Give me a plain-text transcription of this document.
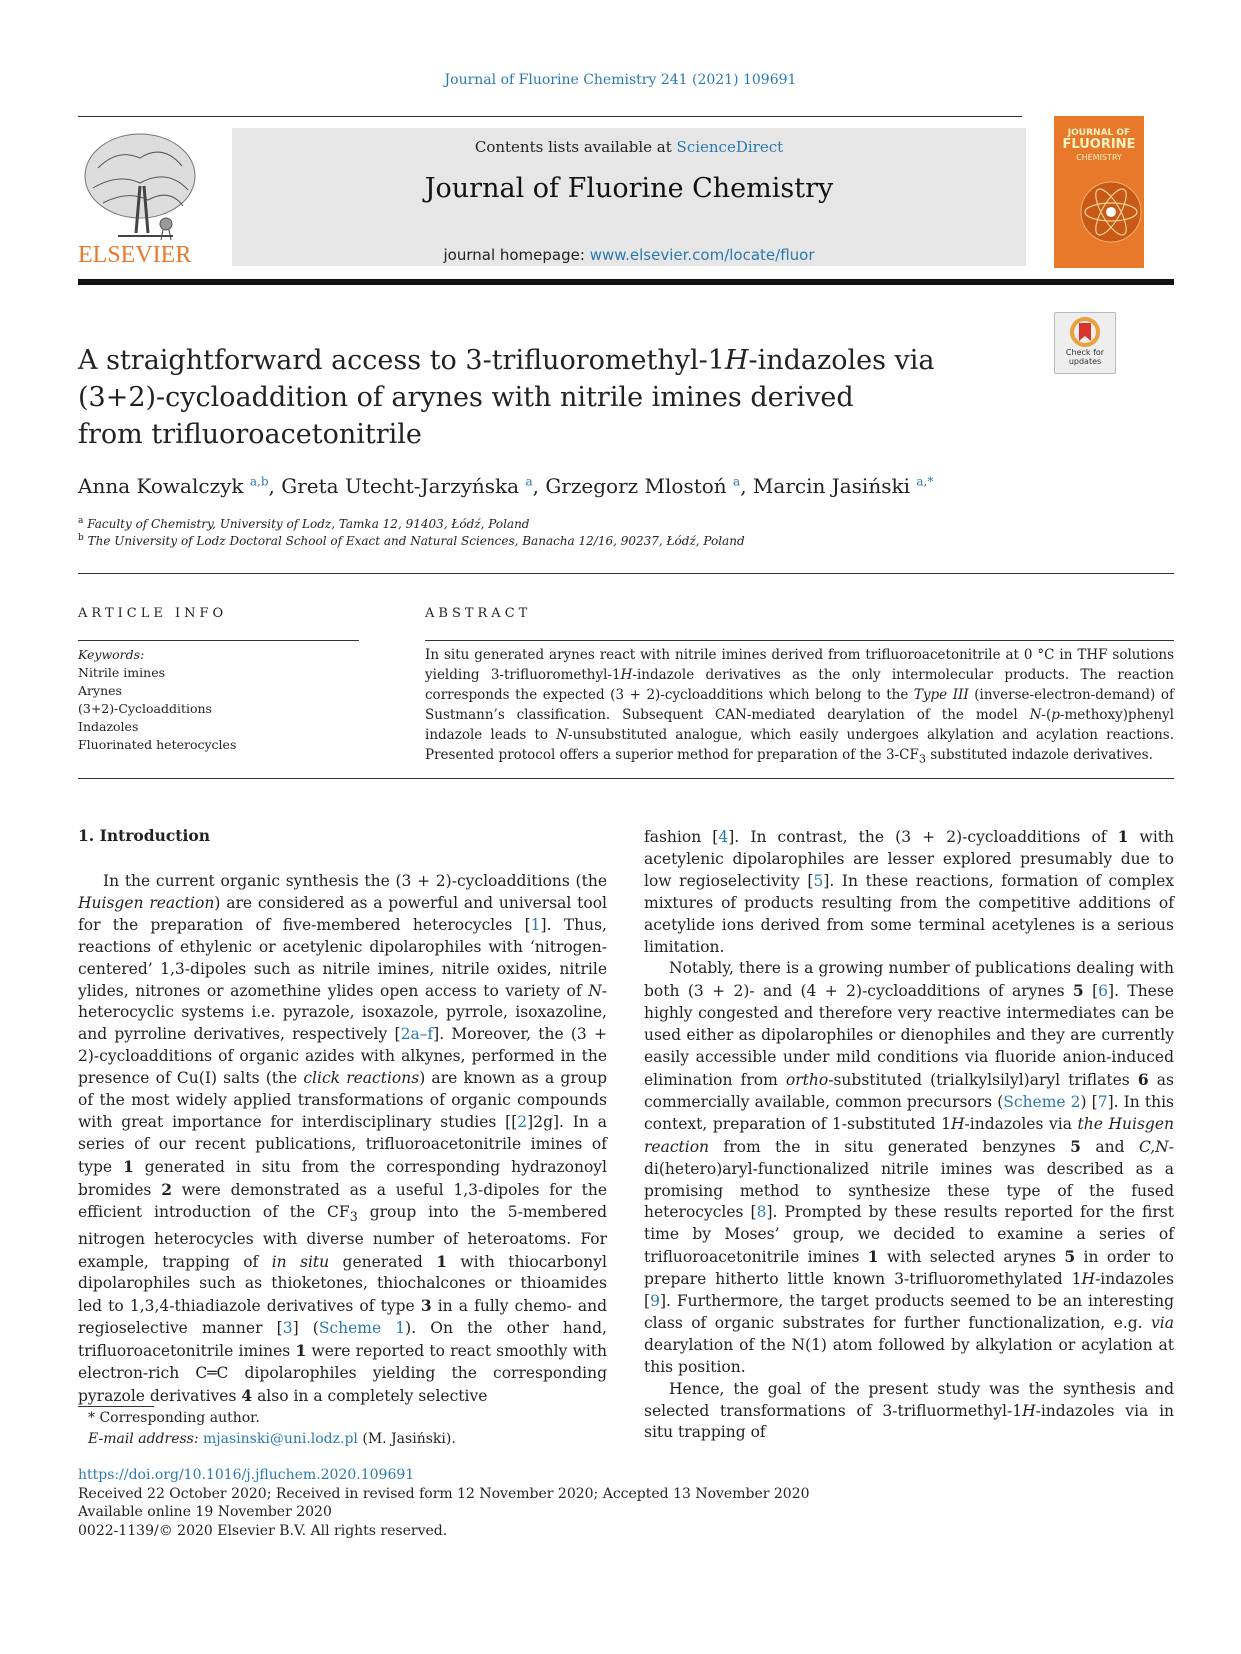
Journal of Fluorine Chemistry 241 (2021) 109691
ELSEVIER
Contents lists available at ScienceDirect
Journal of Fluorine Chemistry
journal homepage: www.elsevier.com/locate/fluor
JOURNAL OF
FLUORINE
CHEMISTRY
Check for
updates
A straightforward access to 3-trifluoromethyl-1H-indazoles via
(3+2)-cycloaddition of arynes with nitrile imines derived
from trifluoroacetonitrile
Anna Kowalczyk $^{a,b}$, Greta Utecht-Jarzyńska $^a$, Grzegorz Mlostoń $^a$, Marcin Jasiński $^{a,*}$
$^a$ Faculty of Chemistry, University of Lodz, Tamka 12, 91403, Łódź, Poland
$^b$ The University of Lodz Doctoral School of Exact and Natural Sciences, Banacha 12/16, 90237, Łódź, Poland
ARTICLE INFO	ABSTRACT
Keywords:
Nitrile imines
Arynes
(3+2)-Cycloadditions
Indazoles
Fluorinated heterocycles
In situ generated arynes react with nitrile imines derived from trifluoroacetonitrile at 0 °C in THF solutions yielding 3-trifluoromethyl-1H-indazole derivatives as the only intermolecular products. The reaction corresponds the expected (3 + 2)-cycloadditions which belong to the Type III (inverse-electron-demand) of Sustmann’s classification. Subsequent CAN-mediated dearylation of the model N-(p-methoxy)phenyl indazole leads to N-unsubstituted analogue, which easily undergoes alkylation and acylation reactions. Presented protocol offers a superior method for preparation of the $3-CF_3$ substituted indazole derivatives.
1. Introduction

In the current organic synthesis the (3 + 2)-cycloadditions (the Huisgen reaction) are considered as a powerful and universal tool for the preparation of five-membered heterocycles [1]. Thus, reactions of ethylenic or acetylenic dipolarophiles with ‘nitrogen-centered’ 1,3-dipoles such as nitrile imines, nitrile oxides, nitrile ylides, nitrones or azomethine ylides open access to variety of N-heterocyclic systems i.e. pyrazole, isoxazole, pyrrole, isoxazoline, and pyrroline derivatives, respectively [2a–f]. Moreover, the (3 + 2)-cycloadditions of organic azides with alkynes, performed in the presence of Cu(I) salts (the click reactions) are known as a group of the most widely applied transformations of organic compounds with great importance for interdisciplinary studies [[2]2g]. In a series of our recent publications, trifluoroacetonitrile imines of type 1 generated in situ from the corresponding hydrazonoyl bromides 2 were demonstrated as a useful 1,3-dipoles for the efficient introduction of the $CF_3$ group into the 5-membered nitrogen heterocycles with diverse number of heteroatoms. For example, trapping of in situ generated 1 with thiocarbonyl dipolarophiles such as thioketones, thiochalcones or thioamides led to 1,3,4-thiadiazole derivatives of type 3 in a fully chemo- and regioselective manner [3] (Scheme 1). On the other hand, trifluoroacetonitrile imines 1 were reported to react smoothly with electron-rich C═C dipolarophiles yielding the corresponding pyrazole derivatives 4 also in a completely selective

fashion [4]. In contrast, the (3 + 2)-cycloadditions of 1 with acetylenic dipolarophiles are lesser explored presumably due to low regioselectivity [5]. In these reactions, formation of complex mixtures of products resulting from the competitive additions of acetylide ions derived from some terminal acetylenes is a serious limitation.

Notably, there is a growing number of publications dealing with both (3 + 2)- and (4 + 2)-cycloadditions of arynes 5 [6]. These highly congested and therefore very reactive intermediates can be used either as dipolarophiles or dienophiles and they are currently easily accessible under mild conditions via fluoride anion-induced elimination from ortho-substituted (trialkylsilyl)aryl triflates 6 as commercially available, common precursors (Scheme 2) [7]. In this context, preparation of 1-substituted 1H-indazoles via the Huisgen reaction from the in situ generated benzynes 5 and C,N-di(hetero)aryl-functionalized nitrile imines was described as a promising method to synthesize these type of the fused heterocycles [8]. Prompted by these results reported for the first time by Moses’ group, we decided to examine a series of trifluoroacetonitrile imines 1 with selected arynes 5 in order to prepare hitherto little known 3-trifluoromethylated 1H-indazoles [9]. Furthermore, the target products seemed to be an interesting class of organic substrates for further functionalization, e.g. via dearylation of the N(1) atom followed by alkylation or acylation at this position.

Hence, the goal of the present study was the synthesis and selected transformations of 3-trifluormethyl-1H-indazoles via in situ trapping of

* Corresponding author.
E-mail address: mjasinski@uni.lodz.pl (M. Jasiński).
https://doi.org/10.1016/j.jfluchem.2020.109691
Received 22 October 2020; Received in revised form 12 November 2020; Accepted 13 November 2020
Available online 19 November 2020
0022-1139/© 2020 Elsevier B.V. All rights reserved.
